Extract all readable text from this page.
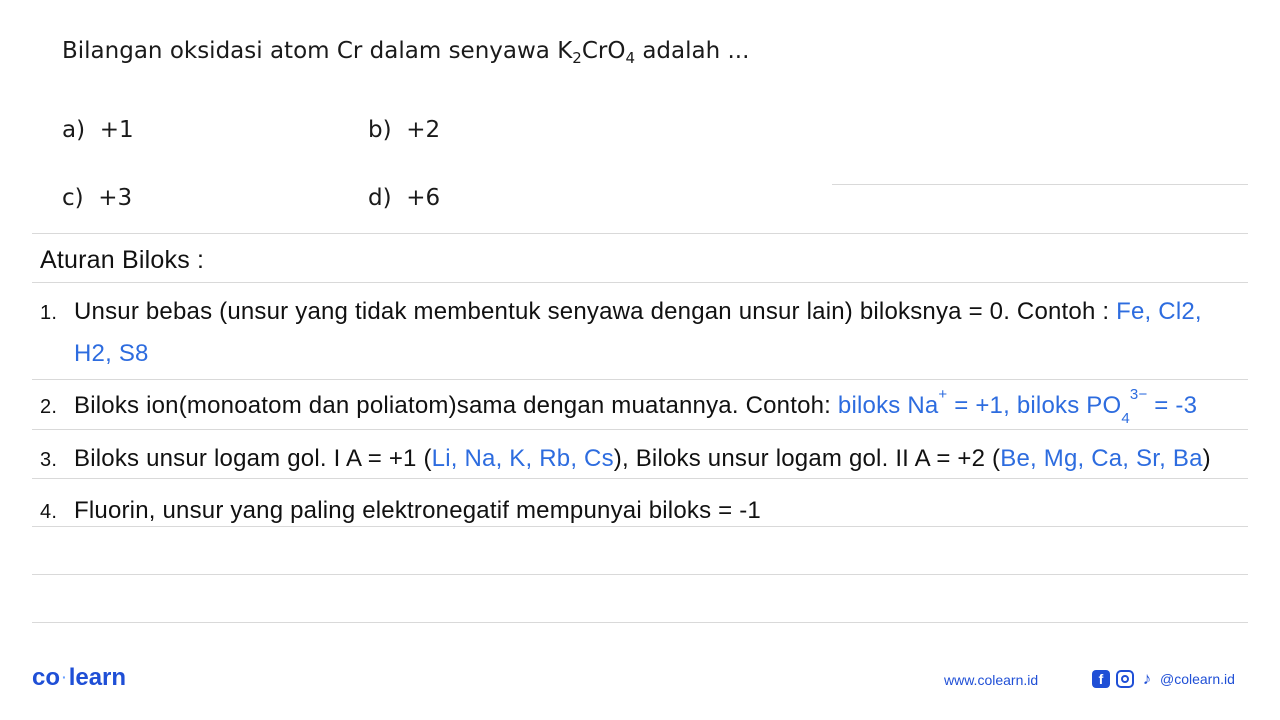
Bilangan oksidasi atom Cr dalam senyawa $K_2CrO_4$ adalah ...
a) +1	b) +2
c) +3	d) +6
Aturan Biloks :
1. Unsur bebas (unsur yang tidak membentuk senyawa dengan unsur lain) biloksnya = 0. Contoh : Fe, Cl2,
H2, S8
2. Biloks ion(monoatom dan poliatom)sama dengan muatannya. Contoh: biloks Na+ = +1, biloks $PO_4^{3-} = -3$
3. Biloks unsur logam gol. I A = +1 (Li, Na, K, Rb, Cs), Biloks unsur logam gol. II A = +2 (Be, Mg, Ca, Sr, Ba)
4. Fluorin, unsur yang paling elektronegatif mempunyai biloks = -1
co ·learn	www.colearn.id	f	♪ @colearn.id
